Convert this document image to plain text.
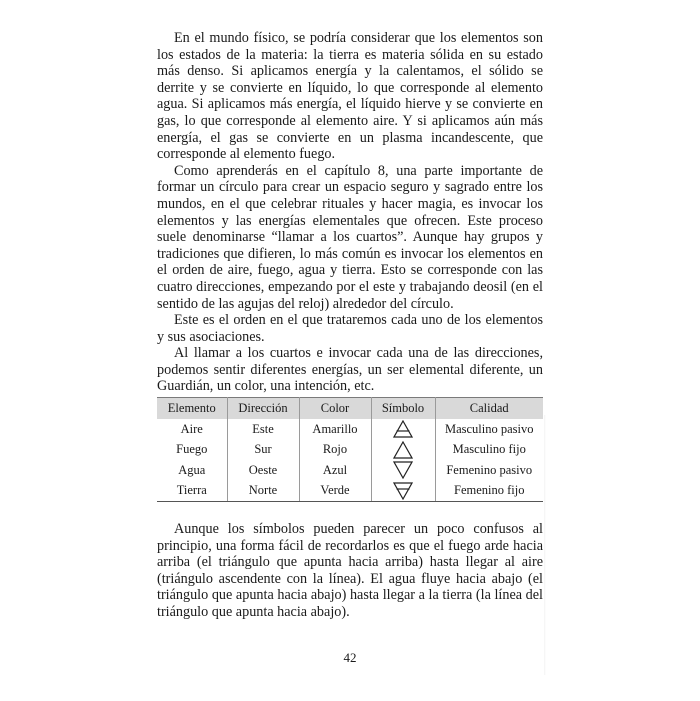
En el mundo físico, se podría considerar que los elementos son los estados de la materia: la tierra es materia sólida en su estado más denso. Si aplicamos energía y la calentamos, el sólido se derrite y se convierte en líquido, lo que corresponde al elemento agua. Si aplicamos más energía, el líquido hierve y se convierte en gas, lo que corresponde al elemento aire. Y si aplicamos aún más energía, el gas se convierte en un plasma incandescente, que corresponde al elemento fuego.

Como aprenderás en el capítulo 8, una parte importante de formar un círculo para crear un espacio seguro y sagrado entre los mundos, en el que celebrar rituales y hacer magia, es invocar los elementos y las energías elementales que ofrecen. Este proceso suele denominarse “llamar a los cuartos”. Aunque hay grupos y tradiciones que difieren, lo más común es invocar los elementos en el orden de aire, fuego, agua y tierra. Esto se corresponde con las cuatro direcciones, empezando por el este y trabajando deosil (en el sentido de las agujas del reloj) alrededor del círculo.

Este es el orden en el que trataremos cada uno de los elementos y sus asociaciones.

Al llamar a los cuartos e invocar cada una de las direcciones, podemos sentir diferentes energías, un ser elemental diferente, un Guardián, un color, una intención, etc.

Elemento	Dirección	Color	Símbolo	Calidad
Aire	Este	Amarillo		Masculino pasivo
Fuego	Sur	Rojo		Masculino fijo
Agua	Oeste	Azul		Femenino pasivo
Tierra	Norte	Verde		Femenino fijo

Aunque los símbolos pueden parecer un poco confusos al principio, una forma fácil de recordarlos es que el fuego arde hacia arriba (el triángulo que apunta hacia arriba) hasta llegar al aire (triángulo ascendente con la línea). El agua fluye hacia abajo (el triángulo que apunta hacia abajo) hasta llegar a la tierra (la línea del triángulo que apunta hacia abajo).

42
